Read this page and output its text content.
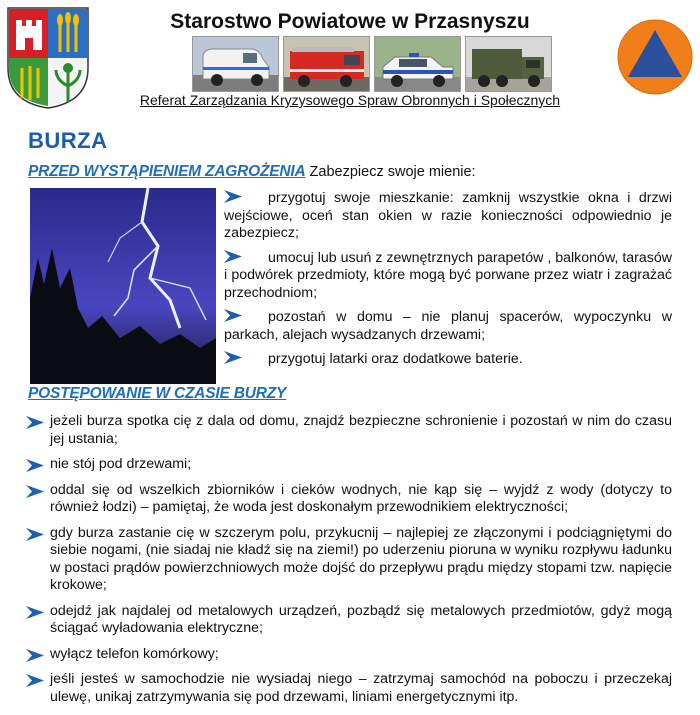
Starostwo Powiatowe w Przasnyszu
Referat Zarządzania Kryzysowego Spraw Obronnych i Społecznych
BURZA
PRZED WYSTĄPIENIEM ZAGROŻENIA Zabezpiecz swoje mienie:
przygotuj swoje mieszkanie: zamknij wszystkie okna i drzwi wejściowe, oceń stan okien w razie konieczności odpowiednio je zabezpiecz;
umocuj lub usuń z zewnętrznych parapetów , balkonów, tarasów i podwórek przedmioty, które mogą być porwane przez wiatr i zagrażać przechodniom;
pozostań w domu – nie planuj spacerów, wypoczynku w parkach, alejach wysadzanych drzewami;
przygotuj latarki oraz dodatkowe baterie.
POSTĘPOWANIE W CZASIE BURZY
jeżeli burza spotka cię z dala od domu, znajdź bezpieczne schronienie i pozostań w nim do czasu jej ustania;
nie stój pod drzewami;
oddal się od wszelkich zbiorników i cieków wodnych, nie kąp się – wyjdź z wody (dotyczy to również łodzi) – pamiętaj, że woda jest doskonałym przewodnikiem elektryczności;
gdy burza zastanie cię w szczerym polu, przykucnij – najlepiej ze złączonymi i podciągniętymi do siebie nogami, (nie siadaj nie kładź się na ziemi!) po uderzeniu pioruna w wyniku rozpływu ładunku w postaci prądów powierzchniowych może dojść do przepływu prądu między stopami tzw. napięcie krokowe;
odejdź jak najdalej od metalowych urządzeń, pozbądź się metalowych przedmiotów, gdyż mogą ściągać wyładowania elektryczne;
wyłącz telefon komórkowy;
jeśli jesteś w samochodzie nie wysiadaj niego – zatrzymaj samochód na poboczu i przeczekaj ulewę, unikaj zatrzymywania się pod drzewami, liniami energetycznymi itp.
